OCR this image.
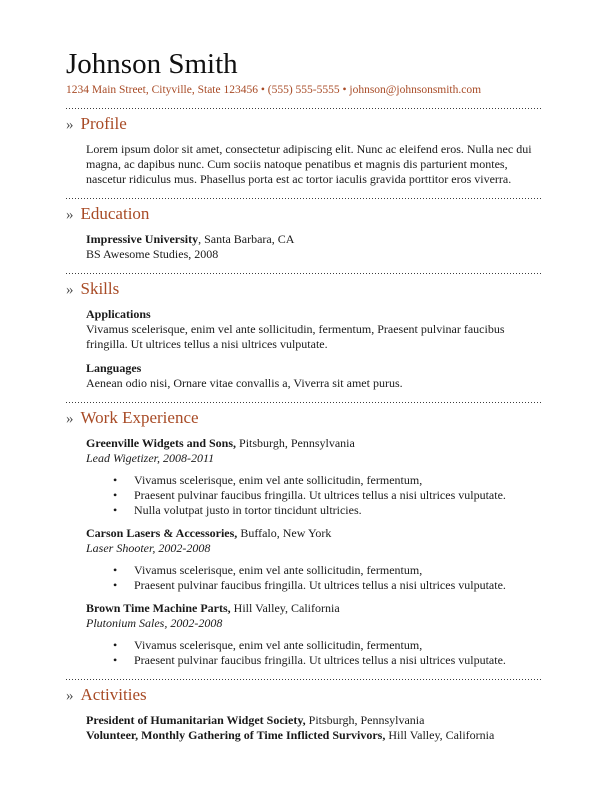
Johnson Smith

1234 Main Street, Cityville, State 123456 • (555) 555-5555 • johnson@johnsonsmith.com

» Profile

Lorem ipsum dolor sit amet, consectetur adipiscing elit. Nunc ac eleifend eros. Nulla nec dui magna, ac dapibus nunc. Cum sociis natoque penatibus et magnis dis parturient montes, nascetur ridiculus mus. Phasellus porta est ac tortor iaculis gravida porttitor eros viverra.

» Education

Impressive University, Santa Barbara, CA

BS Awesome Studies, 2008

» Skills

Applications

Vivamus scelerisque, enim vel ante sollicitudin, fermentum, Praesent pulvinar faucibus fringilla. Ut ultrices tellus a nisi ultrices vulputate.

Languages

Aenean odio nisi, Ornare vitae convallis a, Viverra sit amet purus.

» Work Experience

Greenville Widgets and Sons, Pitsburgh, Pennsylvania

Lead Wigetizer, 2008-2011

• Vivamus scelerisque, enim vel ante sollicitudin, fermentum,
• Praesent pulvinar faucibus fringilla. Ut ultrices tellus a nisi ultrices vulputate.
• Nulla volutpat justo in tortor tincidunt ultricies.

Carson Lasers & Accessories, Buffalo, New York

Laser Shooter, 2002-2008

• Vivamus scelerisque, enim vel ante sollicitudin, fermentum,
• Praesent pulvinar faucibus fringilla. Ut ultrices tellus a nisi ultrices vulputate.

Brown Time Machine Parts, Hill Valley, California

Plutonium Sales, 2002-2008

• Vivamus scelerisque, enim vel ante sollicitudin, fermentum,
• Praesent pulvinar faucibus fringilla. Ut ultrices tellus a nisi ultrices vulputate.
» Activities

President of Humanitarian Widget Society, Pitsburgh, Pennsylvania

Volunteer, Monthly Gathering of Time Inflicted Survivors, Hill Valley, California
